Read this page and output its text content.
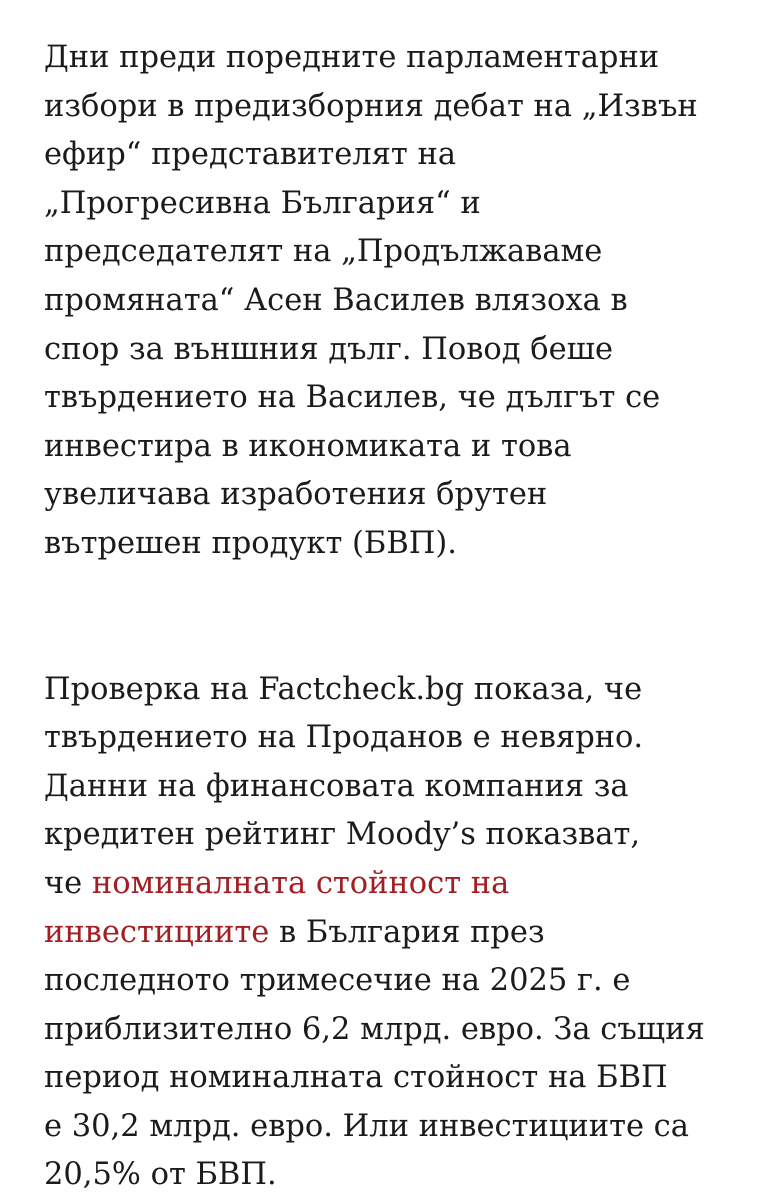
Дни преди поредните парламентарни
избори в предизборния дебат на „Извън
ефир“ представителят на
„Прогресивна България“ и
председателят на „Продължаваме
промяната“ Асен Василев влязоха в
спор за външния дълг. Повод беше
твърдението на Василев, че дългът се
инвестира в икономиката и това
увеличава изработения брутен
вътрешен продукт (БВП).

Проверка на Factcheck.bg показа, че
твърдението на Проданов е невярно.
Данни на финансовата компания за
кредитен рейтинг Moody’s показват,
че номиналната стойност на
инвестициите в България през
последното тримесечие на 2025 г. е
приблизително 6,2 млрд. евро. За същия
период номиналната стойност на БВП
е 30,2 млрд. евро. Или инвестициите са
20,5% от БВП.
